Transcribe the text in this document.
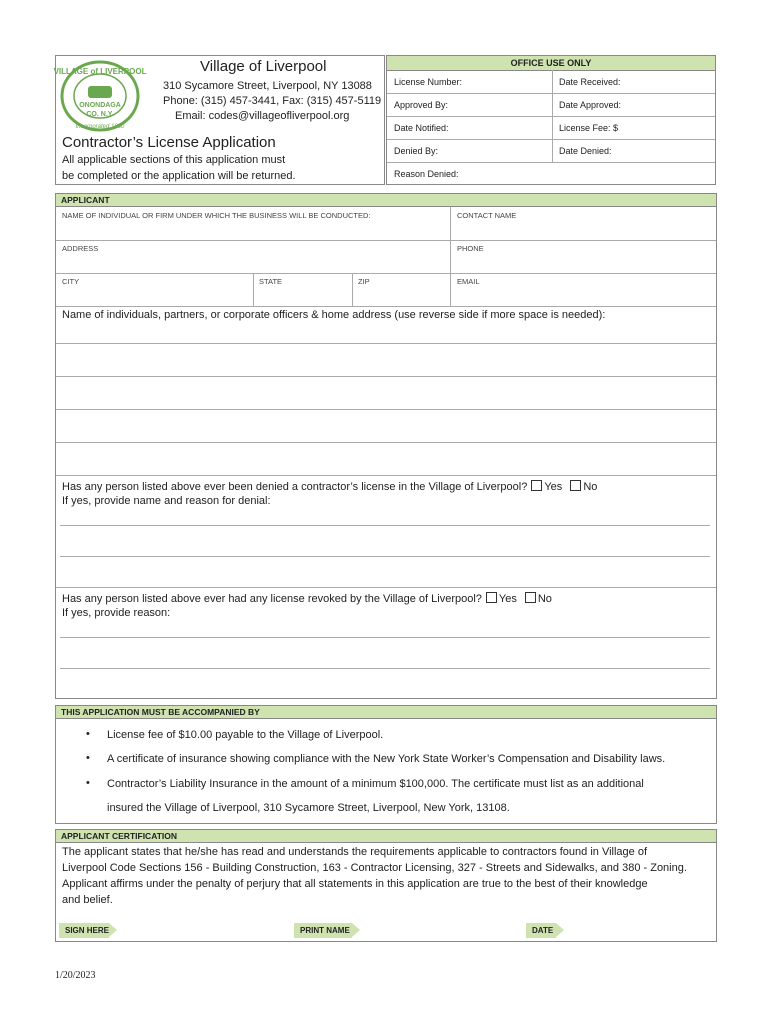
VILLAGE of LIVERPOOL
ONONDAGA
CO. N.Y.
Incorporated 1830
Village of Liverpool
310 Sycamore Street, Liverpool, NY 13088
Phone: (315) 457-3441, Fax: (315) 457-5119
Email: codes@villageofliverpool.org
Contractor’s License Application
All applicable sections of this application must
be completed or the application will be returned.
OFFICE USE ONLY
License Number:	Date Received:
Approved By:	Date Approved:
Date Notified:	License Fee: $
Denied By:	Date Denied:
Reason Denied:
APPLICANT
NAME OF INDIVIDUAL OR FIRM UNDER WHICH THE BUSINESS WILL BE CONDUCTED:	CONTACT NAME
ADDRESS	PHONE
CITY	STATE	ZIP	EMAIL
Name of individuals, partners, or corporate officers & home address (use reverse side if more space is needed):
Has any person listed above ever been denied a contractor’s license in the Village of Liverpool? Yes No
If yes, provide name and reason for denial:
Has any person listed above ever had any license revoked by the Village of Liverpool? Yes No
If yes, provide reason:
THIS APPLICATION MUST BE ACCOMPANIED BY
• License fee of $10.00 payable to the Village of Liverpool.
• A certificate of insurance showing compliance with the New York State Worker’s Compensation and Disability laws.
• Contractor’s Liability Insurance in the amount of a minimum $100,000. The certificate must list as an additional
insured the Village of Liverpool, 310 Sycamore Street, Liverpool, New York, 13108.
APPLICANT CERTIFICATION
The applicant states that he/she has read and understands the requirements applicable to contractors found in Village of
Liverpool Code Sections 156 - Building Construction, 163 - Contractor Licensing, 327 - Streets and Sidewalks, and 380 - Zoning.
Applicant affirms under the penalty of perjury that all statements in this application are true to the best of their knowledge
and belief.
SIGN HERE	PRINT NAME	DATE
1/20/2023
